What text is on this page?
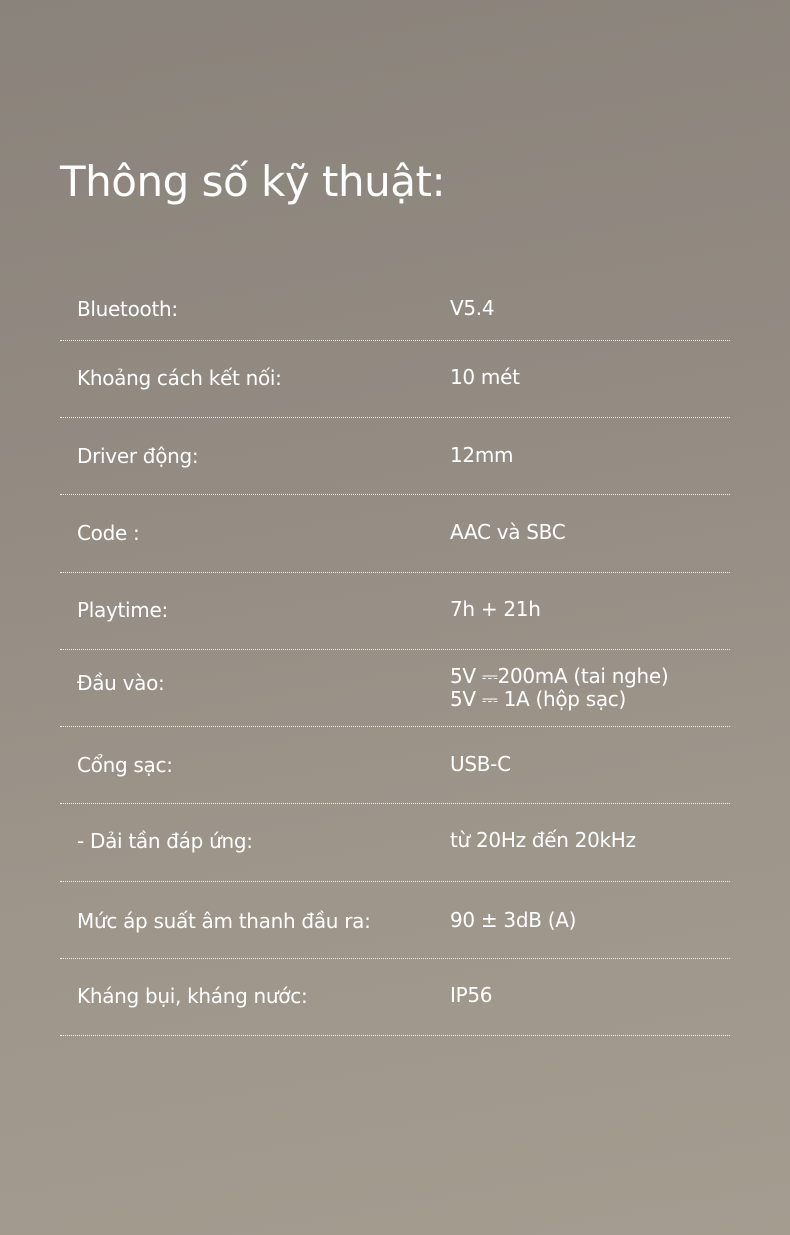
Thông số kỹ thuật:
Bluetooth:	V5.4
Khoảng cách kết nối:	10 mét
Driver động:	12mm
Code :	AAC và SBC
Playtime:	7h + 21h
Đầu vào:	5V ⎓200mA (tai nghe)
5V ⎓ 1A (hộp sạc)
Cổng sạc:	USB-C
- Dải tần đáp ứng:	từ 20Hz đến 20kHz
Mức áp suất âm thanh đầu ra:	90 ± 3dB (A)
Kháng bụi, kháng nước:	IP56
